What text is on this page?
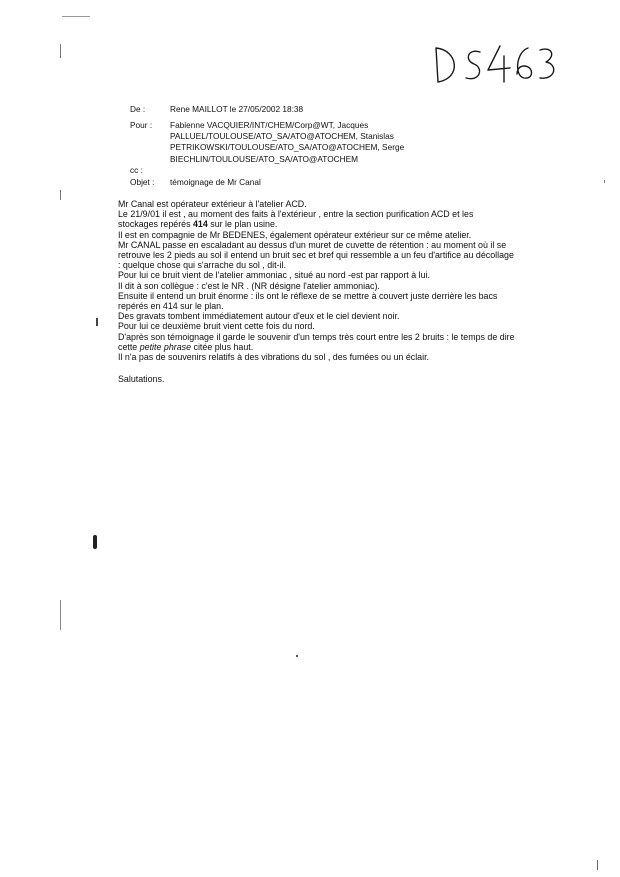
De :	Rene MAILLOT le 27/05/2002 18:38
Pour :	Fabienne VACQUIER/INT/CHEM/Corp@WT, Jacques
PALLUEL/TOULOUSE/ATO_SA/ATO@ATOCHEM, Stanislas
PETRIKOWSKI/TOULOUSE/ATO_SA/ATO@ATOCHEM, Serge
BIECHLIN/TOULOUSE/ATO_SA/ATO@ATOCHEM
cc :
Objet :	témoignage de Mr Canal

Mr Canal est opérateur extérieur à l'atelier ACD.

Le 21/9/01 il est , au moment des faits à l'extérieur , entre la section purification ACD et les

stockages repérés 414 sur le plan usine.

Il est en compagnie de Mr BEDENES, également opérateur extérieur sur ce même atelier.

Mr CANAL passe en escaladant au dessus d'un muret de cuvette de rétention : au moment où il se

retrouve les 2 pieds au sol il entend un bruit sec et bref qui ressemble a un feu d'artifice au décollage

: quelque chose qui s'arrache du sol , dit-il.

Pour lui ce bruit vient de l'atelier ammoniac , situé au nord -est par rapport à lui.

Il dit à son collègue : c'est le NR . (NR désigne l'atelier ammoniac).

Ensuite il entend un bruit énorme : ils ont le réflexe de se mettre à couvert juste derrière les bacs

repérés en 414 sur le plan.

Des gravats tombent immédiatement autour d'eux et le ciel devient noir.

Pour lui ce deuxième bruit vient cette fois du nord.

D'après son témoignage il garde le souvenir d'un temps très court entre les 2 bruits : le temps de dire

cette petite phrase citée plus haut.

Il n'a pas de souvenirs relatifs à des vibrations du sol , des fumées ou un éclair.

Salutations.
